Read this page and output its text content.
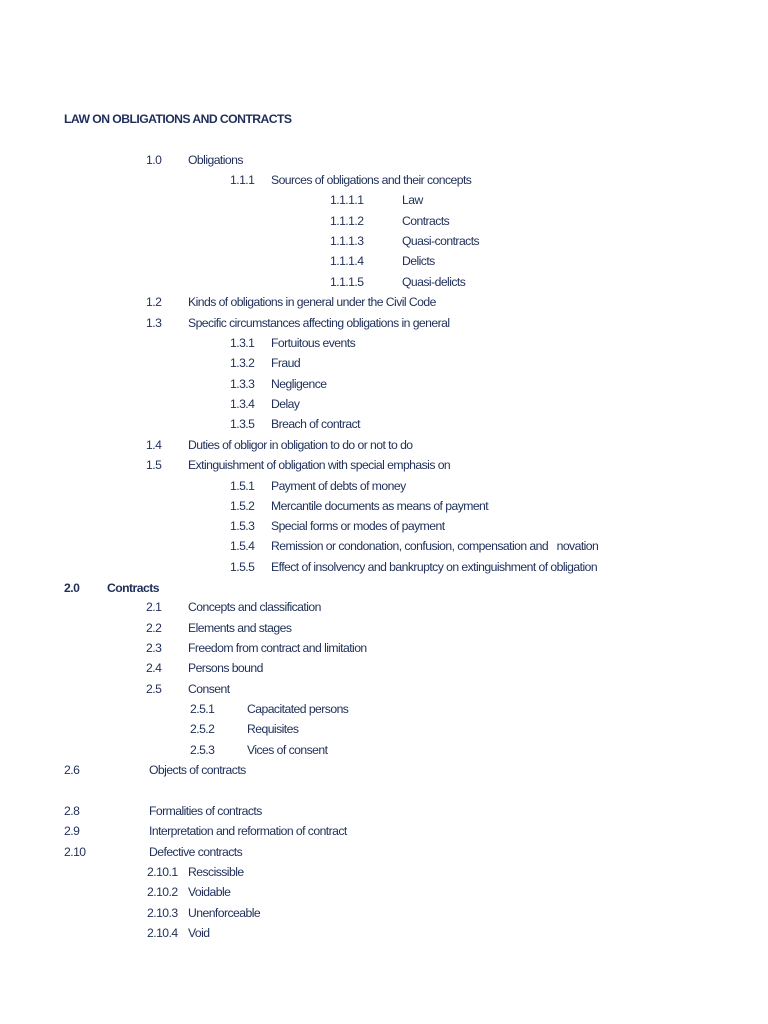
LAW ON OBLIGATIONS AND CONTRACTS
1.0 Obligations
1.1.1 Sources of obligations and their concepts
1.1.1.1	Law
1.1.1.2	Contracts
1.1.1.3	Quasi-contracts
1.1.1.4	Delicts
1.1.1.5	Quasi-delicts
1.2 Kinds of obligations in general under the Civil Code
1.3 Specific circumstances affecting obligations in general
1.3.1 Fortuitous events
1.3.2 Fraud
1.3.3 Negligence
1.3.4 Delay
1.3.5 Breach of contract
1.4 Duties of obligor in obligation to do or not to do
1.5 Extinguishment of obligation with special emphasis on
1.5.1 Payment of debts of money
1.5.2 Mercantile documents as means of payment
1.5.3 Special forms or modes of payment
1.5.4 Remission or condonation, confusion, compensation and   novation
1.5.5 Effect of insolvency and bankruptcy on extinguishment of obligation
2.0 Contracts
2.1 Concepts and classification
2.2 Elements and stages
2.3 Freedom from contract and limitation
2.4 Persons bound
2.5 Consent
2.5.1	Capacitated persons
2.5.2	Requisites
2.5.3	Vices of consent
2.6	Objects of contracts
2.8	Formalities of contracts
2.9	Interpretation and reformation of contract
2.10	Defective contracts
2.10.1 Rescissible
2.10.2 Voidable
2.10.3 Unenforceable
2.10.4 Void
